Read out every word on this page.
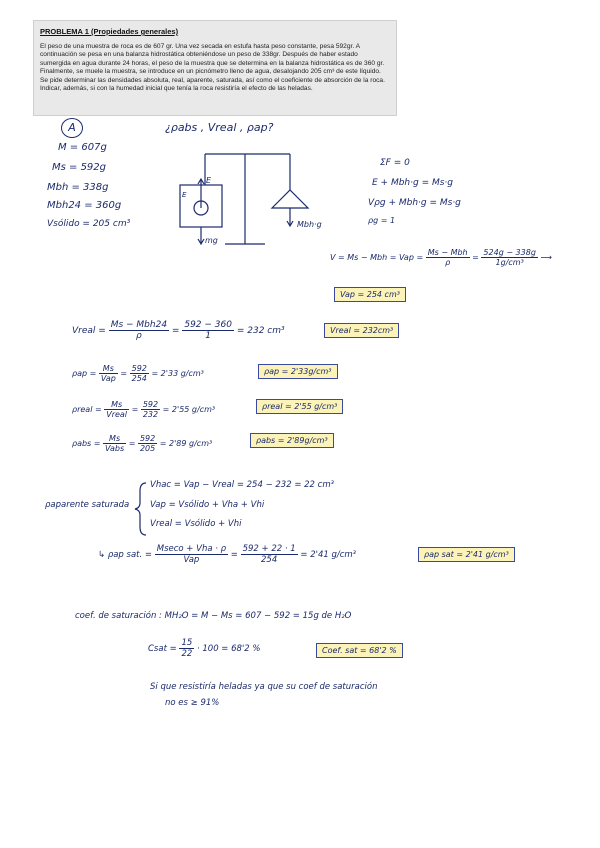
PROBLEMA 1 (Propiedades generales)
El peso de una muestra de roca es de 607 gr. Una vez secada en estufa hasta peso constante, pesa 592gr. A continuación se pesa en una balanza hidrostática obteniéndose un peso de 338gr. Después de haber estado sumergida en agua durante 24 horas, el peso de la muestra que se determina en la balanza hidrostática es de 360 gr. Finalmente, se muele la muestra, se introduce en un picnómetro lleno de agua, desalojando 205 cm³ de este líquido. Se pide determinar las densidades absoluta, real, aparente, saturada, así como el coeficiente de absorción de la roca. Indicar, además, si con la humedad inicial que tenía la roca resistiría el efecto de las heladas.
A	¿ρabs , Vreal , ρap?
M = 607g
Ms = 592g
Mbh = 338g
Mbh24 = 360g
Vsólido = 205 cm³
E
E
mg
Mbh·g
ΣF = 0
E + Mbh·g = Ms·g
Vρg + Mbh·g = Ms·g
ρg = 1
V = Ms − Mbh = Vap = $\frac{\text{Ms − Mbh}}{\rho} = \frac{524g - 338g}{\text{1g/cm³}}$ ⟶
Vap = 254 cm³
Vreal = $\frac{\text{Ms − Mbh24}}{\rho} = \frac{592 - 360}{1} = 232$ cm³	Vreal = 232cm³
$\rho ap = \frac{Ms}{\text{Vap}} = \frac{592}{254} = 2'33$ g/cm³	ρap = 2'33g/cm³
ρreal = $\frac{Ms}{\text{Vreal}} = \frac{592}{232} = 2'55$ g/cm³	ρreal = 2'55 g/cm³
$\rho abs = \frac{Ms}{\text{Vabs}} = \frac{592}{205} = 2'89$ g/cm³	ρabs = 2'89g/cm³
ρaparente saturada
Vhac = Vap − Vreal = 254 − 232 = 22 cm³
Vap = Vsólido + Vha + Vhi
Vreal = Vsólido + Vhi
↳ ρap sat. = $\frac{\text{Mseco + Vha · ρ}}{\text{Vap}} = \frac{592 + 22 \cdot 1}{254} = 2'41$ g/cm³	ρap sat = 2'41 g/cm³
coef. de saturación : MH₂O = M − Ms = 607 − 592 = 15g de H₂O
Csat = $\frac{15}{22} \cdot 100 = 68'2$ %	Coef. sat = 68'2 %
Si que resistiría heladas ya que su coef de saturación
no es ≥ 91%
